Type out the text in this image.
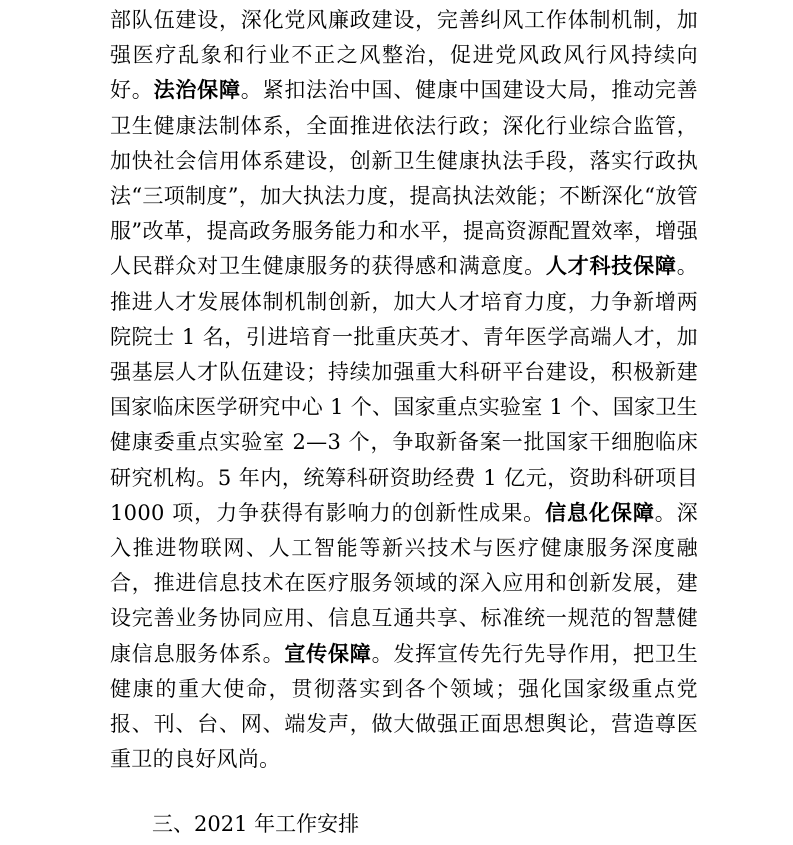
部队伍建设，深化党风廉政建设，完善纠风工作体制机制，加强医疗乱象和行业不正之风整治，促进党风政风行风持续向好。法治保障。紧扣法治中国、健康中国建设大局，推动完善卫生健康法制体系，全面推进依法行政；深化行业综合监管，加快社会信用体系建设，创新卫生健康执法手段，落实行政执法“三项制度”，加大执法力度，提高执法效能；不断深化“放管服”改革，提高政务服务能力和水平，提高资源配置效率，增强人民群众对卫生健康服务的获得感和满意度。人才科技保障。推进人才发展体制机制创新，加大人才培育力度，力争新增两院院士 1 名，引进培育一批重庆英才、青年医学高端人才，加强基层人才队伍建设；持续加强重大科研平台建设，积极新建国家临床医学研究中心 1 个、国家重点实验室 1 个、国家卫生健康委重点实验室 2—3 个，争取新备案一批国家干细胞临床研究机构。5 年内，统筹科研资助经费 1 亿元，资助科研项目 1000 项，力争获得有影响力的创新性成果。信息化保障。深入推进物联网、人工智能等新兴技术与医疗健康服务深度融合，推进信息技术在医疗服务领域的深入应用和创新发展，建设完善业务协同应用、信息互通共享、标准统一规范的智慧健康信息服务体系。宣传保障。发挥宣传先行先导作用，把卫生健康的重大使命，贯彻落实到各个领域；强化国家级重点党报、刊、台、网、端发声，做大做强正面思想舆论，营造尊医重卫的良好风尚。

三、2021 年工作安排
